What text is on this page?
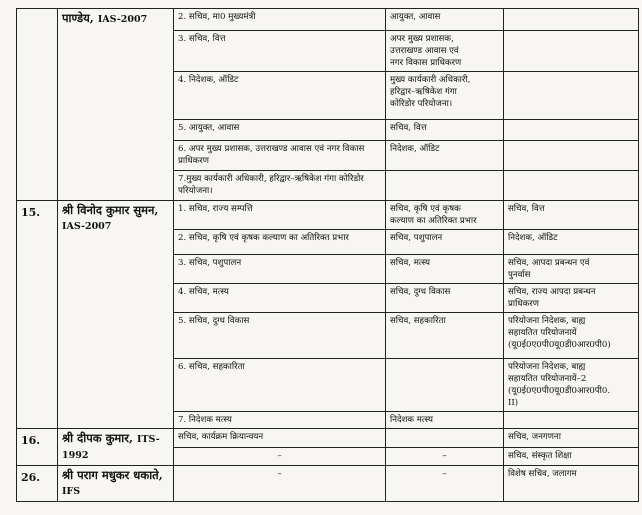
	पाण्डेय, IAS-2007	2. सचिव, मा0 मुख्यमंत्री	आयुक्त, आवास	
		3. सचिव, वित्त	अपर मुख्य प्रशासक,
उत्तराखण्ड आवास एवं
नगर विकास प्राधिकरण	
		4. निदेशक, ऑडिट	मुख्य कार्यकारी अधिकारी,
हरिद्वार–ऋषिकेश गंगा
कोरिडोर परियोजना।	
		5. आयुक्त, आवास	सचिव, वित्त	
		6. अपर मुख्य प्रशासक, उत्तराखण्ड आवास एवं नगर विकास प्राधिकरण	निदेशक, ऑडिट	
		7.मुख्य कार्यकारी अधिकारी, हरिद्वार–ऋषिकेश गंगा कोरिडोर परियोजना।		
15.	श्री विनोद कुमार सुमन, IAS-2007	1. सचिव, राज्य सम्पत्ति	सचिव, कृषि एवं कृषक
कल्याण का अतिरिक्त प्रभार	सचिव, वित्त
		2. सचिव, कृषि एवं कृषक कल्याण का अतिरिक्त प्रभार	सचिव, पशुपालन	निदेशक, ऑडिट
		3. सचिव, पशुपालन	सचिव, मत्स्य	सचिव, आपदा प्रबन्धन एवं
पुनर्वास
		4. सचिव, मत्स्य	सचिव, दुग्ध विकास	सचिव, राज्य आपदा प्रबन्धन
प्राधिकरण
		5. सचिव, दुग्ध विकास	सचिव, सहकारिता	परियोजना निदेशक, बाह्य
सहायतित परियोजनायें
(यू0ई0ए0पी0यू0डी0आर0पी0)
		6. सचिव, सहकारिता		परियोजना निदेशक, बाह्य
सहायतित परियोजनायें–2
(यू0ई0ए0पी0यू0डी0आर0पी0.
II)
		7. निदेशक मत्स्य	निदेशक मत्स्य	
16.	श्री दीपक कुमार, ITS-1992	सचिव, कार्यक्रम क्रियान्वयन		सचिव, जनगणना
		–	–	सचिव, संस्कृत शिक्षा
26.	श्री पराग मधुकर धकाते, IFS	–	–	विशेष सचिव, जलागम
